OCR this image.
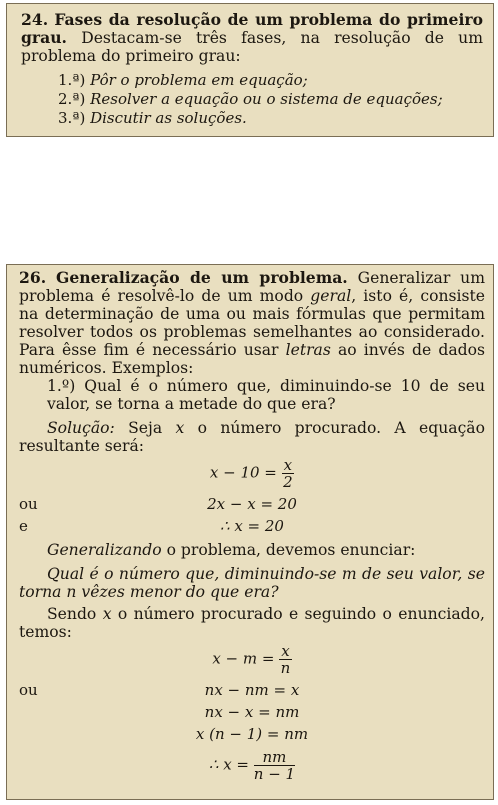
24. Fases da resolução de um problema do primeiro grau. Destacam-se três fases, na resolução de um problema do primeiro grau:

1.ª) Pôr o problema em equação;
2.ª) Resolver a equação ou o sistema de equações;
3.ª) Discutir as soluções.

26. Generalização de um problema. Generalizar um problema é resolvê-lo de um modo geral, isto é, consiste na determinação de uma ou mais fórmulas que permitam resolver todos os problemas semelhantes ao considerado. Para êsse fim é necessário usar letras ao invés de dados numéricos. Exemplos:

1.º) Qual é o número que, diminuindo-se 10 de seu valor, se torna a metade do que era?

Solução: Seja x o número procurado. A equação resultante será:

$x - 10 = \frac{x}{2}$
ou	2x − x = 20
e	∴ x = 20

Generalizando o problema, devemos enunciar:

Qual é o número que, diminuindo-se m de seu valor, se torna n vêzes menor do que era?

Sendo x o número procurado e seguindo o enunciado, temos:

$x - m = \frac{x}{n}$
ou	nx − nm = x
nx − x = nm
x (n − 1) = nm
∴ $x = \frac{nm}{n - 1}$
